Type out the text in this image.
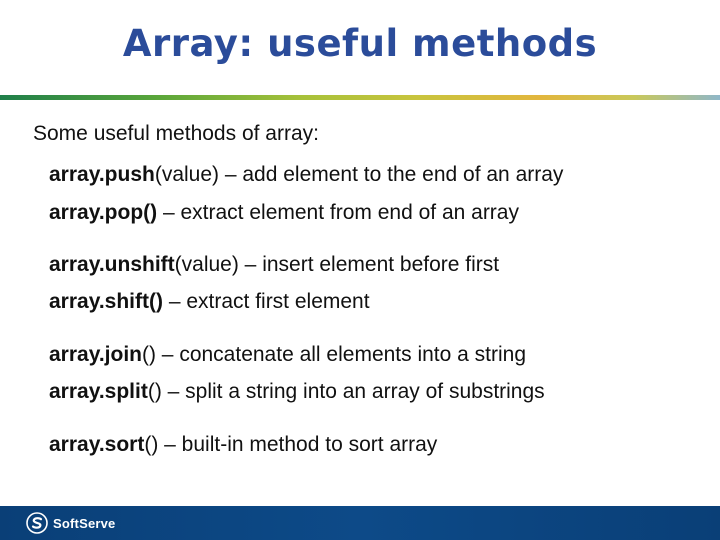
Array: useful methods
Some useful methods of array:
array.push(value) – add element to the end of an array
array.pop() – extract element from end of an array
array.unshift(value) – insert element before first
array.shift() – extract first element
array.join() – concatenate all elements into a string
array.split() – split a string into an array of substrings
array.sort() – built-in method to sort array
SoftServe
